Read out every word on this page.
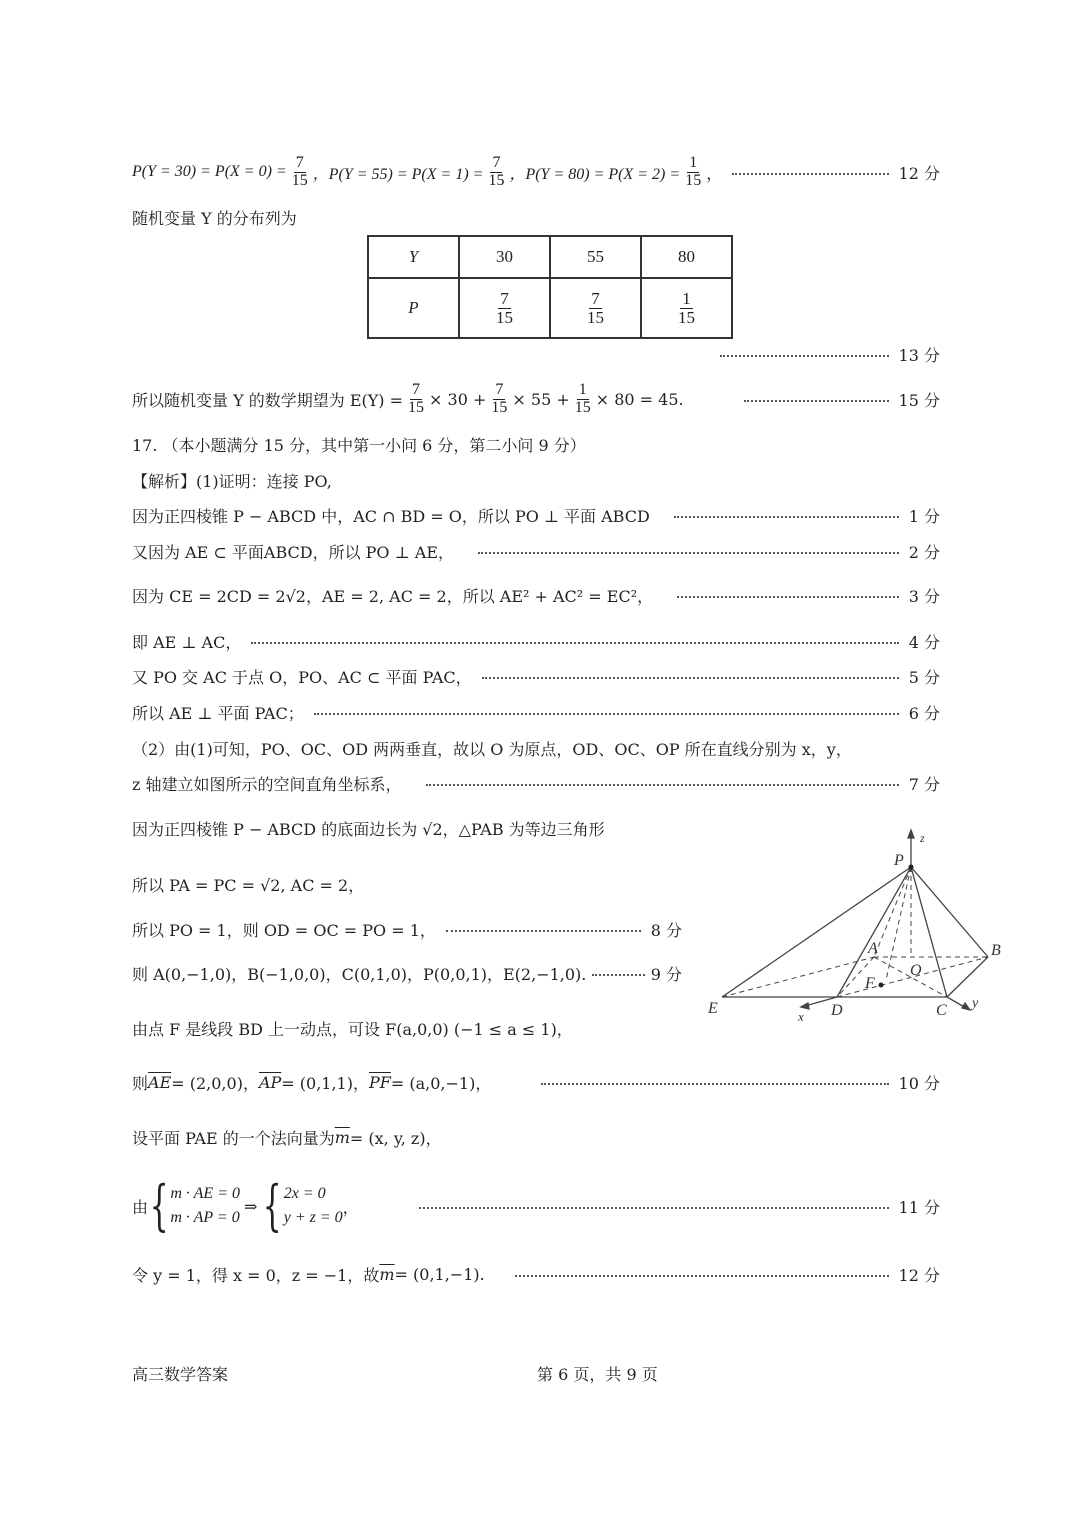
$P(Y = 30) = P(X = 0) = \frac{7}{15}$ ，$P(Y = 55) = P(X = 1) = \frac{7}{15}$ ，$P(Y = 80) = P(X = 2) = \frac{1}{15}$ ，	12 分
随机变量 Y 的分布列为
Y	30	55	80
P	$\frac{7}{15}$	$\frac{7}{15}$	$\frac{1}{15}$
13 分
所以随机变量 Y 的数学期望为 $E(Y) = \frac{7}{15} \times 30 + \frac{7}{15} \times 55 + \frac{1}{15} \times 80 = 45$.	15 分
17. （本小题满分 15 分，其中第一小问 6 分，第二小问 9 分）
【解析】(1)证明：连接 PO,
因为正四棱锥 P − ABCD 中，AC ∩ BD = O，所以 PO ⊥ 平面 ABCD	1 分
又因为 AE ⊂ 平面ABCD，所以 PO ⊥ AE，	2 分
因为 CE = 2CD = 2√2，AE = 2, AC = 2，所以 AE² + AC² = EC²，	3 分
即 AE ⊥ AC，	4 分
又 PO 交 AC 于点 O，PO、AC ⊂ 平面 PAC，	5 分
所以 AE ⊥ 平面 PAC；	6 分
（2）由(1)可知，PO、OC、OD 两两垂直，故以 O 为原点，OD、OC、OP 所在直线分别为 x，y，
z 轴建立如图所示的空间直角坐标系，	7 分
因为正四棱锥 P − ABCD 的底面边长为 √2，△PAB 为等边三角形
所以 PA = PC = √2, AC = 2，
所以 PO = 1，则 OD = OC = PO = 1，	8 分
则 A(0,−1,0)，B(−1,0,0)，C(0,1,0)，P(0,0,1)，E(2,−1,0).	9 分
P
z
A	B
C
D
E
F
O
x
y
由点 F 是线段 BD 上一动点，可设 F(a,0,0) (−1 ≤ a ≤ 1)，
则 $\overline{AE} = (2,0,0)$， $\overline{AP} = (0,1,1)$， $\overline{PF} = (a,0,-1)$，	10 分
设平面 PAE 的一个法向量为 $\overline{m} = (x$, y, z)，
由 { m · AE = 0
m · AP = 0
⇒ { 2x = 0
y + z = 0
，	11 分
令 y = 1，得 x = 0，z = −1，故 $\overline{m} = (0,1,-1)$.	12 分
高三数学答案	第 6 页，共 9 页
